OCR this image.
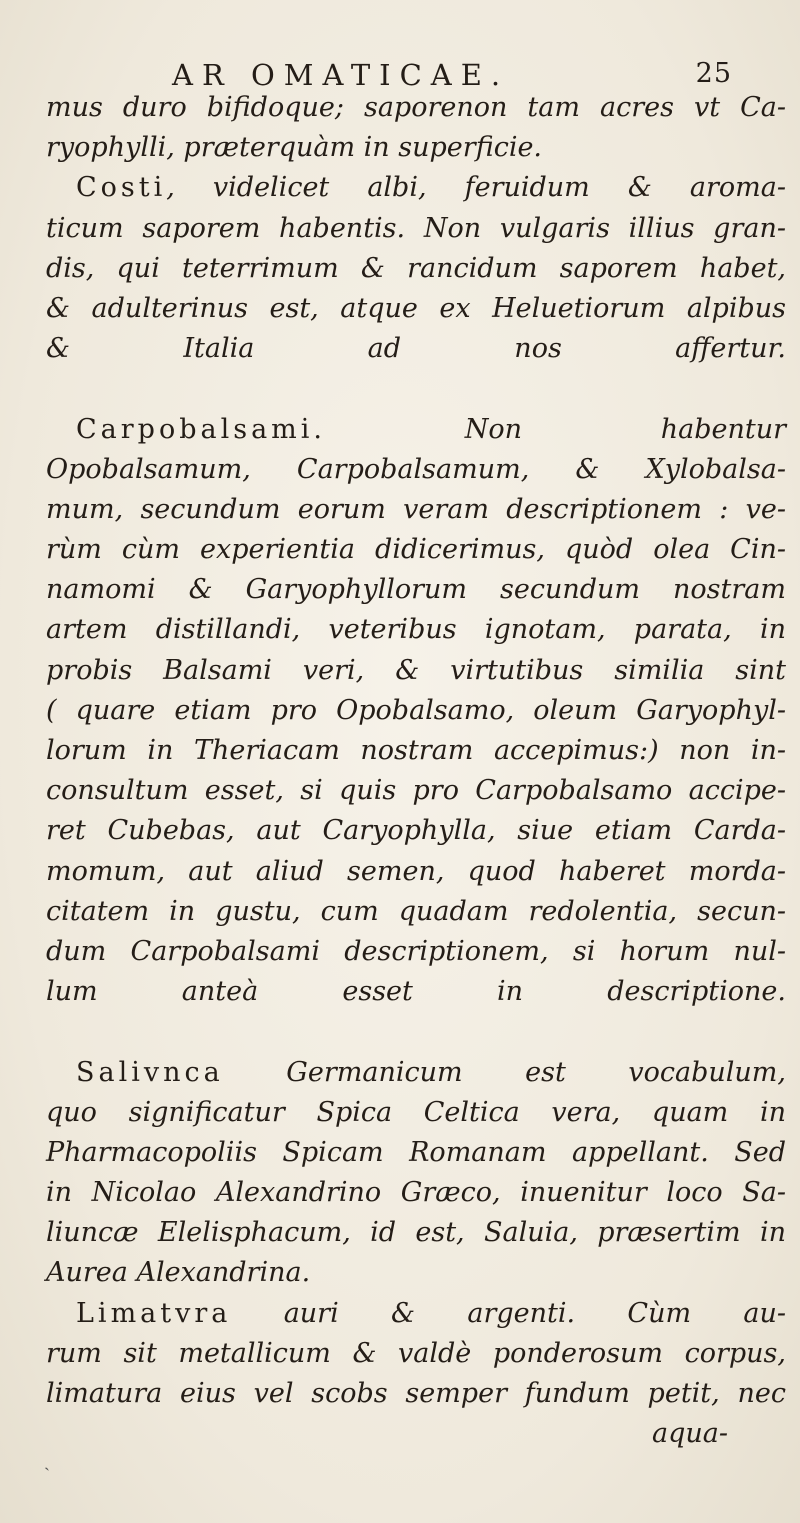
AR OMATICAE.	25
mus duro bifidoque; saporenon tam acres vt Ca-
ryophylli, præterquàm in superficie.
Costi, videlicet albi, feruidum & aroma-
ticum saporem habentis. Non vulgaris illius gran-
dis, qui teterrimum & rancidum saporem habet,
& adulterinus est, atque ex Heluetiorum alpibus
& Italia ad nos affertur.
Carpobalsami. Non habentur
Opobalsamum, Carpobalsamum, & Xylobalsa-
mum, secundum eorum veram descriptionem : ve-
rùm cùm experientia didicerimus, quòd olea Cin-
namomi & Garyophyllorum secundum nostram
artem distillandi, veteribus ignotam, parata, in
probis Balsami veri, & virtutibus similia sint
( quare etiam pro Opobalsamo, oleum Garyophyl-
lorum in Theriacam nostram accepimus:) non in-
consultum esset, si quis pro Carpobalsamo accipe-
ret Cubebas, aut Caryophylla, siue etiam Carda-
momum, aut aliud semen, quod haberet morda-
citatem in gustu, cum quadam redolentia, secun-
dum Carpobalsami descriptionem, si horum nul-
lum anteà esset in descriptione.
Salivnca Germanicum est vocabulum,
quo significatur Spica Celtica vera, quam in
Pharmacopoliis Spicam Romanam appellant. Sed
in Nicolao Alexandrino Græco, inuenitur loco Sa-
liuncæ Elelisphacum, id est, Saluia, præsertim in
Aurea Alexandrina.
Limatvra auri & argenti. Cùm au-
rum sit metallicum & valdè ponderosum corpus,
limatura eius vel scobs semper fundum petit, nec
aqua-
˴
